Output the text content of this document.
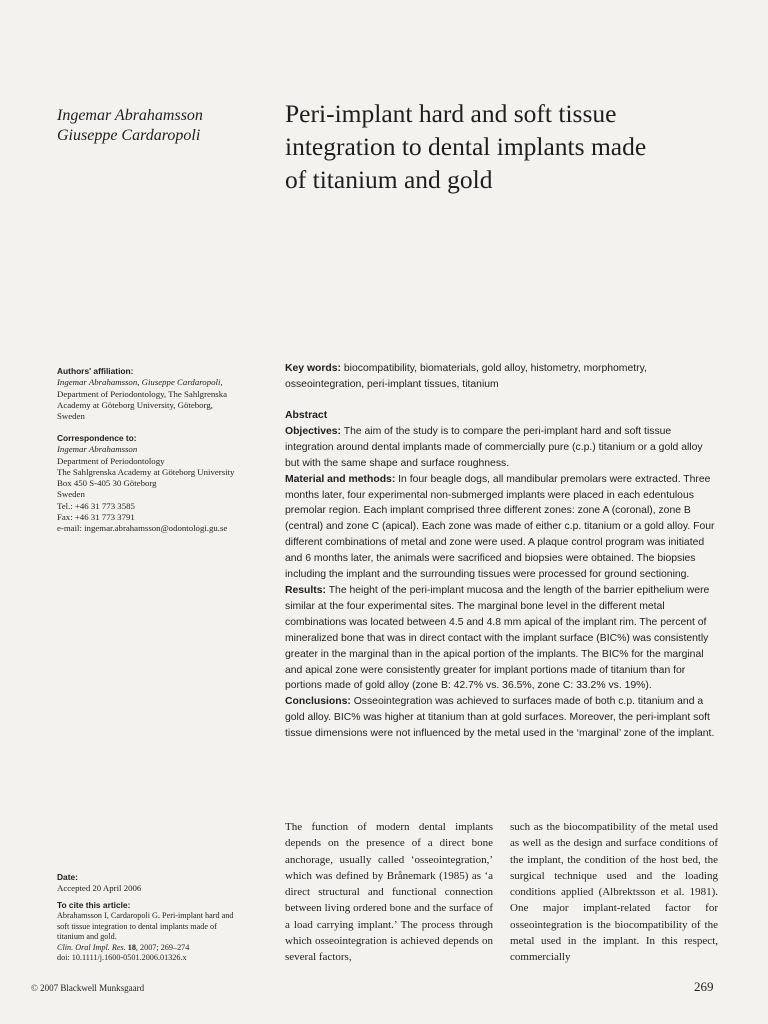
Ingemar Abrahamsson
Giuseppe Cardaropoli
Peri-implant hard and soft tissue
integration to dental implants made
of titanium and gold
Authors' affiliation:
Ingemar Abrahamsson, Giuseppe Cardaropoli,
Department of Periodontology, The Sahlgrenska
Academy at Göteborg University, Göteborg,
Sweden
Correspondence to:
Ingemar Abrahamsson
Department of Periodontology
The Sahlgrenska Academy at Göteborg University
Box 450 S-405 30 Göteborg
Sweden
Tel.: +46 31 773 3585
Fax: +46 31 773 3791
e-mail: ingemar.abrahamsson@odontologi.gu.se
Date:
Accepted 20 April 2006
To cite this article:
Abrahamsson I, Cardaropoli G. Peri-implant hard and
soft tissue integration to dental implants made of
titanium and gold.
Clin. Oral Impl. Res. 18, 2007; 269–274
doi: 10.1111/j.1600-0501.2006.01326.x

Key words: biocompatibility, biomaterials, gold alloy, histometry, morphometry, osseointegration, peri-implant tissues, titanium

Abstract

Objectives: The aim of the study is to compare the peri-implant hard and soft tissue integration around dental implants made of commercially pure (c.p.) titanium or a gold alloy but with the same shape and surface roughness.

Material and methods: In four beagle dogs, all mandibular premolars were extracted. Three months later, four experimental non-submerged implants were placed in each edentulous premolar region. Each implant comprised three different zones: zone A (coronal), zone B (central) and zone C (apical). Each zone was made of either c.p. titanium or a gold alloy. Four different combinations of metal and zone were used. A plaque control program was initiated and 6 months later, the animals were sacrificed and biopsies were obtained. The biopsies including the implant and the surrounding tissues were processed for ground sectioning.

Results: The height of the peri-implant mucosa and the length of the barrier epithelium were similar at the four experimental sites. The marginal bone level in the different metal combinations was located between 4.5 and 4.8 mm apical of the implant rim. The percent of mineralized bone that was in direct contact with the implant surface (BIC%) was consistently greater in the marginal than in the apical portion of the implants. The BIC% for the marginal and apical zone were consistently greater for implant portions made of titanium than for portions made of gold alloy (zone B: 42.7% vs. 36.5%, zone C: 33.2% vs. 19%).

Conclusions: Osseointegration was achieved to surfaces made of both c.p. titanium and a gold alloy. BIC% was higher at titanium than at gold surfaces. Moreover, the peri-implant soft tissue dimensions were not influenced by the metal used in the ‘marginal’ zone of the implant.

The function of modern dental implants depends on the presence of a direct bone anchorage, usually called ‘osseointegration,’ which was defined by Brånemark (1985) as ‘a direct structural and functional connection between living ordered bone and the surface of a load carrying implant.’ The process through which osseointegration is achieved depends on several factors,
such as the biocompatibility of the metal used as well as the design and surface conditions of the implant, the condition of the host bed, the surgical technique used and the loading conditions applied (Albrektsson et al. 1981). One major implant-related factor for osseointegration is the biocompatibility of the metal used in the implant. In this respect, commercially
© 2007 Blackwell Munksgaard	269
